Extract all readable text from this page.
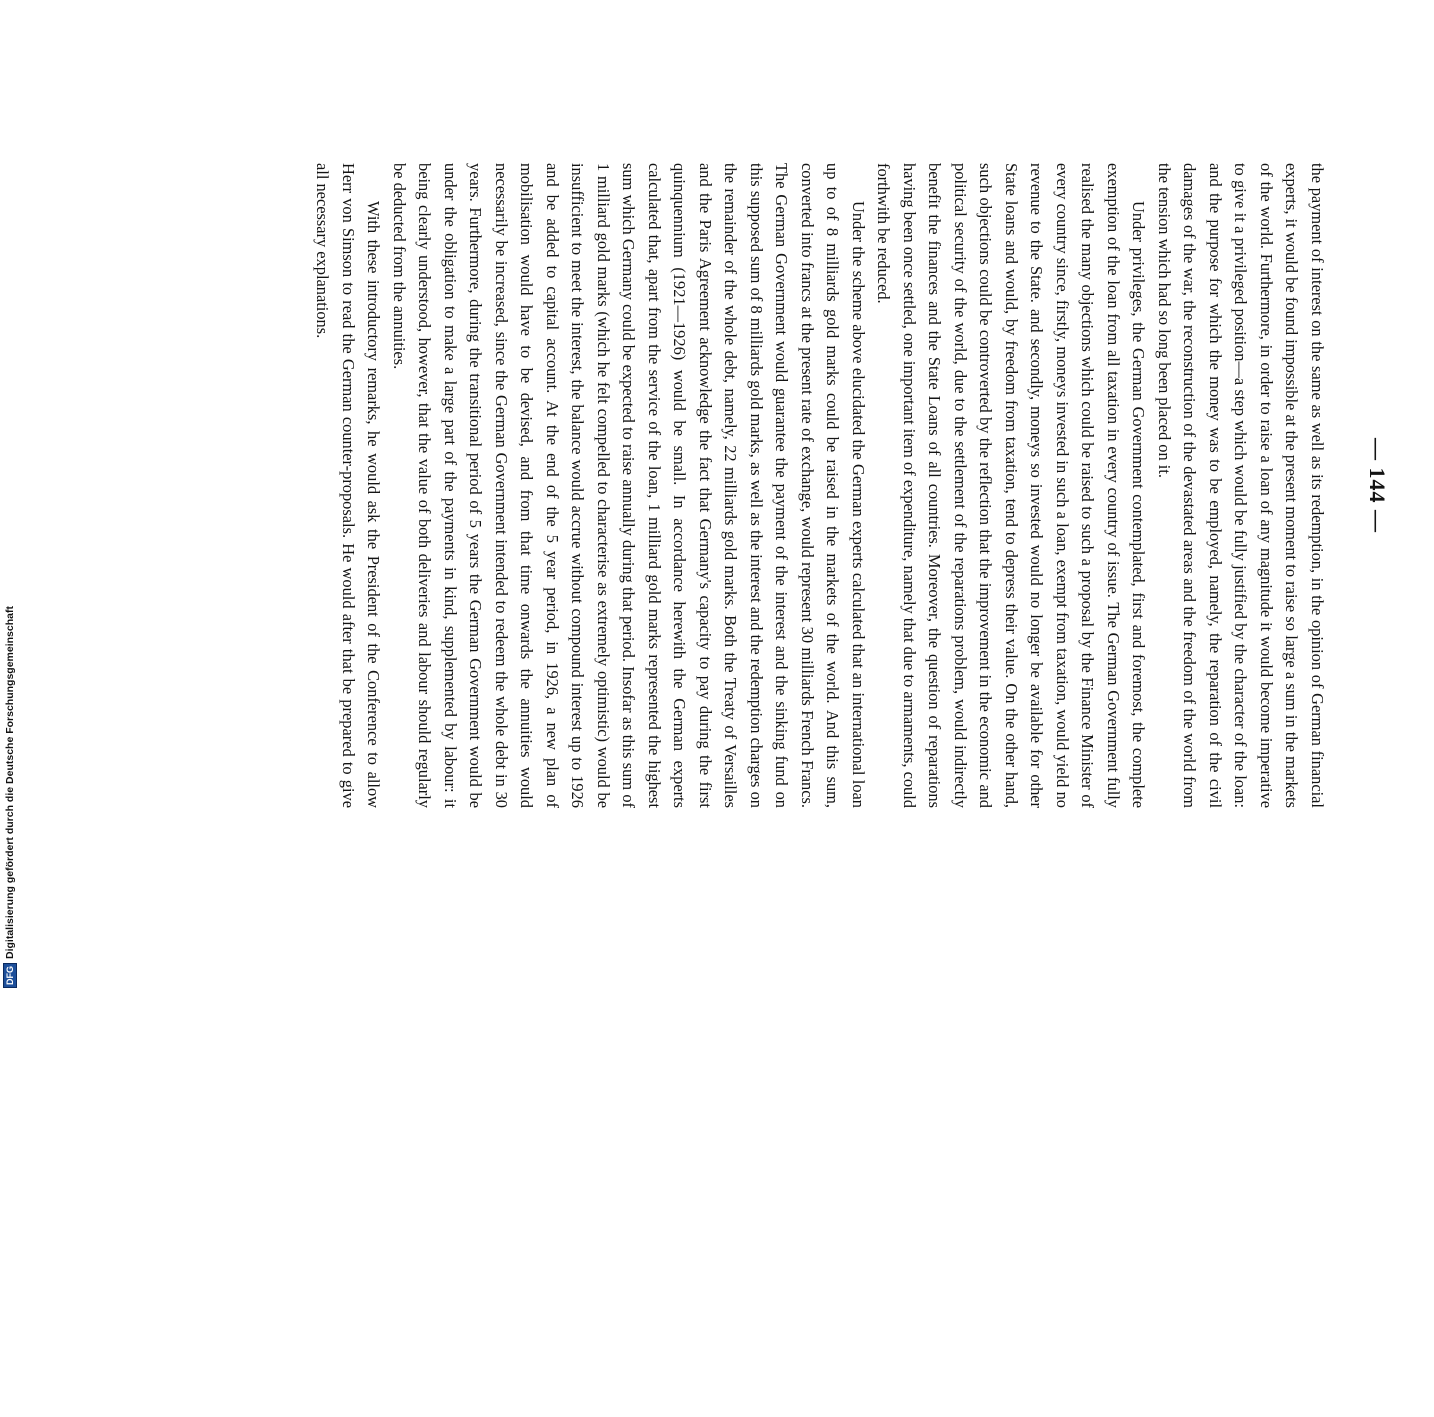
— 144 —

the payment of interest on the same as well as its redemption, in the opinion of German financial experts, it would be found impossible at the present moment to raise so large a sum in the markets of the world. Furthermore, in order to raise a loan of any magnitude it would become imperative to give it a privileged position—a step which would be fully justified by the character of the loan: and the purpose for which the money was to be employed, namely, the reparation of the civil damages of the war, the reconstruction of the devastated areas and the freedom of the world from the tension which had so long been placed on it.

Under privileges, the German Government contemplated, first and foremost, the complete exemption of the loan from all taxation in every country of issue. The German Government fully realised the many objections which could be raised to such a proposal by the Finance Minister of every country since, firstly, moneys invested in such a loan, exempt from taxation, would yield no revenue to the State. and secondly, moneys so invested would no longer be available for other State loans and would, by freedom from taxation, tend to depress their value. On the other hand, such objections could be controverted by the reflection that the improvement in the economic and political security of the world, due to the settlement of the reparations problem, would indirectly benefit the finances and the State Loans of all countries. Moreover, the question of reparations having been once settled, one important item of expenditure, namely that due to armaments, could forthwith be reduced.

Under the scheme above elucidated the German experts calculated that an international loan up to of 8 milliards gold marks could be raised in the markets of the world. And this sum, converted into francs at the present rate of exchange, would represent 30 milliards French Francs. The German Government would guarantee the payment of the interest and the sinking fund on this supposed sum of 8 milliards gold marks, as well as the interest and the redemption charges on the remainder of the whole debt, namely, 22 milliards gold marks. Both the Treaty of Versailles and the Paris Agreement acknowledge the fact that Germany's capacity to pay during the first quinquennium (1921—1926) would be small. In accordance herewith the German experts calculated that, apart from the service of the loan, 1 milliard gold marks represented the highest sum which Germany could be expected to raise annually during that period. Insofar as this sum of 1 milliard gold marks (which he felt compelled to characterise as extremely optimistic) would be insufficient to meet the interest, the balance would accrue without compound interest up to 1926 and be added to capital account. At the end of the 5 year period, in 1926, a new plan of mobilisation would have to be devised, and from that time onwards the annuities would necessarily be increased, since the German Government intended to redeem the whole debt in 30 years. Furthermore, during the transitional period of 5 years the German Government would be under the obligation to make a large part of the payments in kind, supplemented by labour: it being clearly understood, however, that the value of both deliveries and labour should regularly be deducted from the annuities.

With these introductory remarks, he would ask the President of the Conference to allow Herr von Simson to read the German counter-proposals. He would after that be prepared to give all necessary explanations.

DFG
Digitalisierung gefördert durch die Deutsche Forschungsgemeinschaft
